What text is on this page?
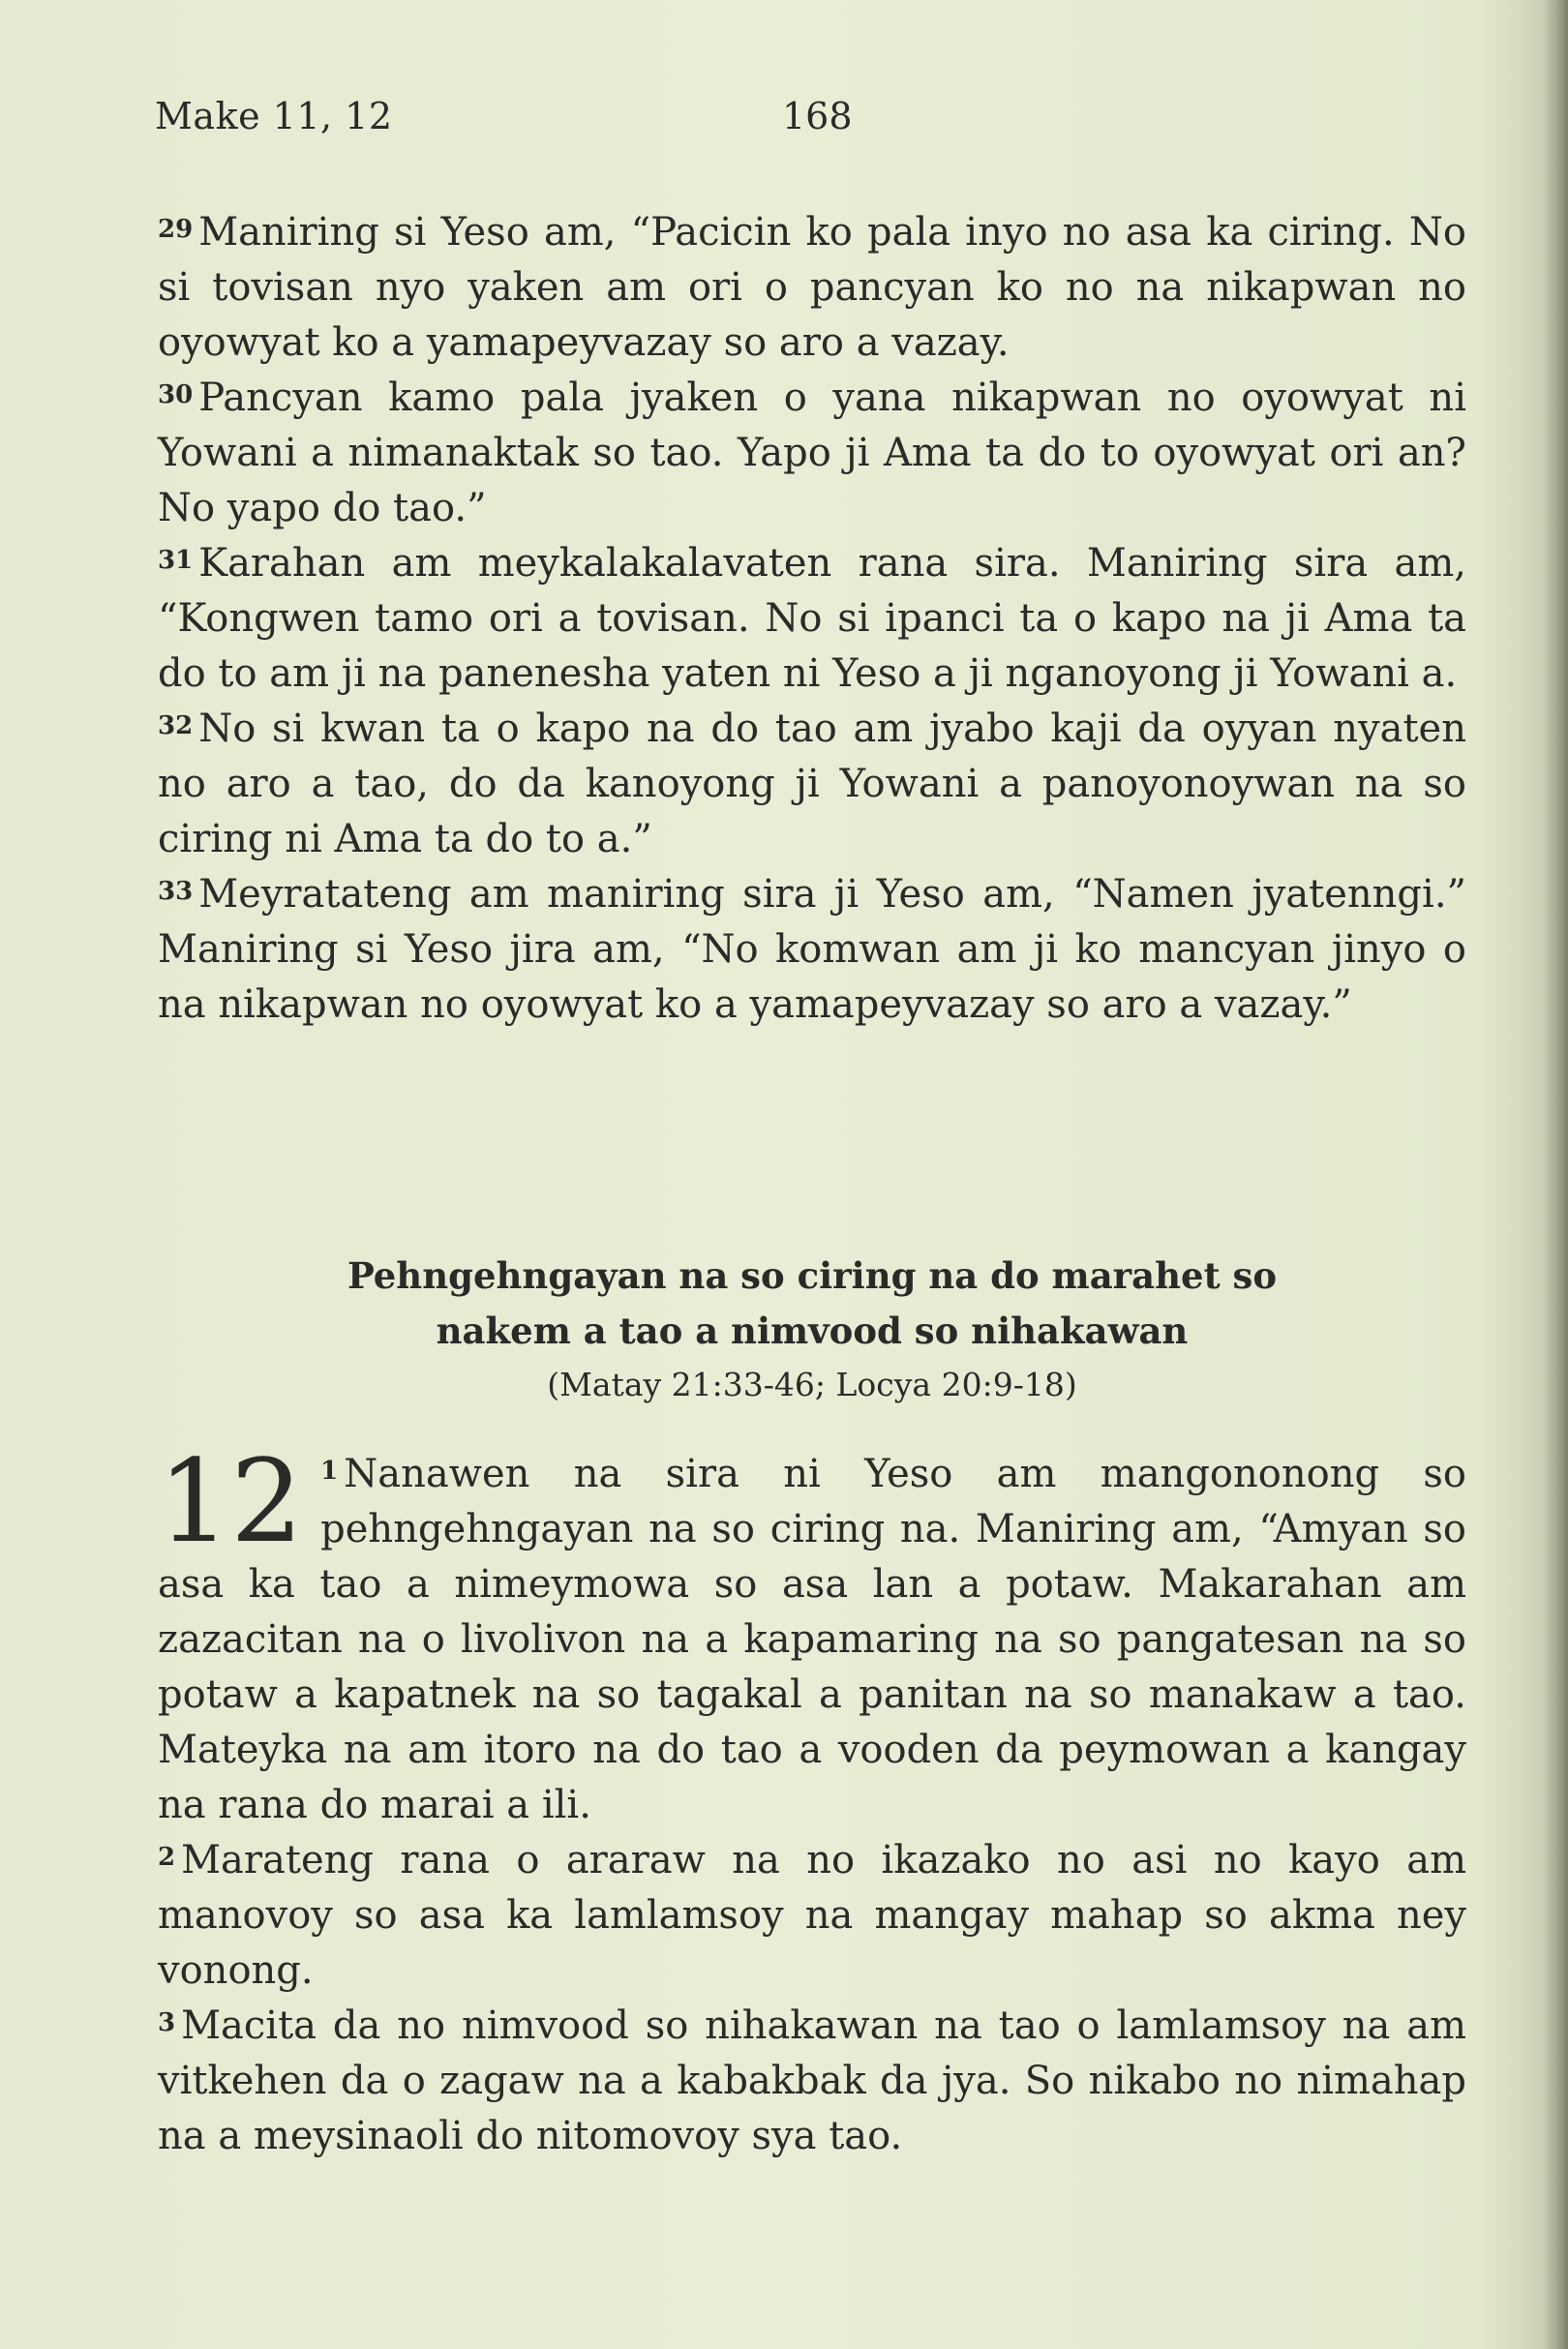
Make 11, 12	168

29 Maniring si Yeso am, “Pacicin ko pala inyo no asa ka ciring. No si tovisan nyo yaken am ori o pancyan ko no na nikapwan no oyowyat ko a yamapeyvazay so aro a vazay.

30 Pancyan kamo pala jyaken o yana nikapwan no oyowyat ni Yowani a nimanaktak so tao. Yapo ji Ama ta do to oyowyat ori an? No yapo do tao.”

31 Karahan am meykalakalavaten rana sira. Maniring sira am, “Kongwen tamo ori a tovisan. No si ipanci ta o kapo na ji Ama ta do to am ji na panenesha yaten ni Yeso a ji nganoyong ji Yowani a.

32 No si kwan ta o kapo na do tao am jyabo kaji da oyyan nyaten no aro a tao, do da kanoyong ji Yowani a panoyonoywan na so ciring ni Ama ta do to a.”

33 Meyratateng am maniring sira ji Yeso am, “Namen jyatenngi.” Maniring si Yeso jira am, “No komwan am ji ko mancyan jinyo o na nikapwan no oyowyat ko a yamapeyvazay so aro a vazay.”

Pehngehngayan na so ciring na do marahet so

nakem a tao a nimvood so nihakawan

(Matay 21:33-46; Locya 20:9-18)

12 1 Nanawen na sira ni Yeso am mangononong so pehngehngayan na so ciring na. Maniring am, “Amyan so asa ka tao a nimeymowa so asa lan a potaw. Makarahan am zazacitan na o livolivon na a kapamaring na so pangatesan na so potaw a kapatnek na so tagakal a panitan na so manakaw a tao. Mateyka na am itoro na do tao a vooden da peymowan a kangay na rana do marai a ili.

2 Marateng rana o araraw na no ikazako no asi no kayo am manovoy so asa ka lamlamsoy na mangay mahap so akma ney vonong.

3 Macita da no nimvood so nihakawan na tao o lamlamsoy na am vitkehen da o zagaw na a kabakbak da jya. So nikabo no nimahap na a meysinaoli do nitomovoy sya tao.
